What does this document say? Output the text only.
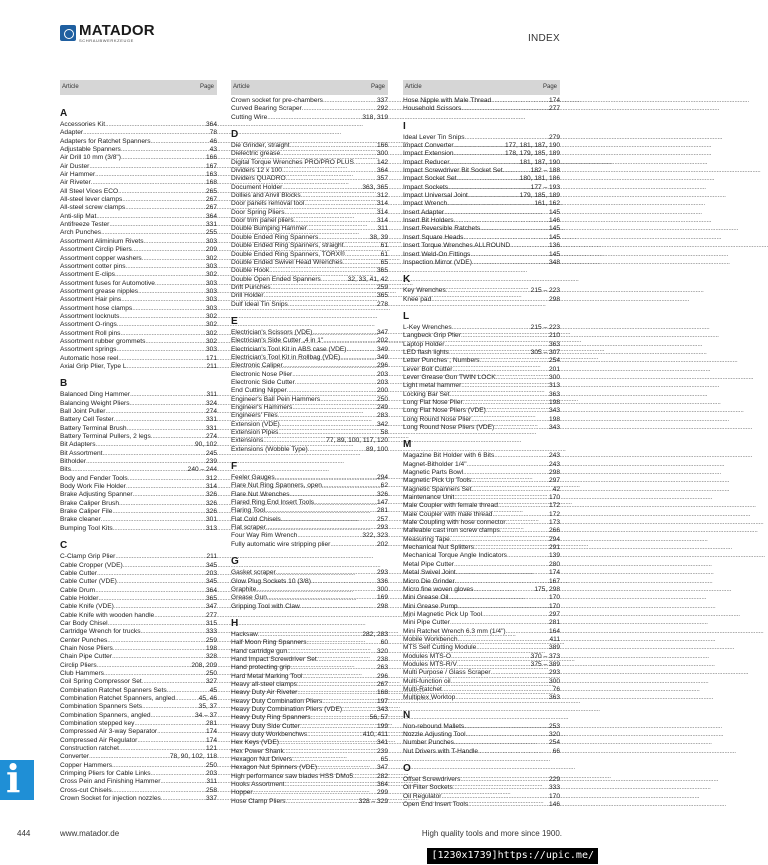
MATADOR
SCHRAUBWERKZEUGE	INDEX
Article	Page
A
Accessories Kit .....	364
Adapter .....	78
Adapters for Ratchet Spanners .....	46
Adjustable Spanners .....	43
Air Drill 10 mm (3/8") .....	166
Air Duster .....	167
Air Hammer .....	163
Air Riveter .....	168
All Steel Vices ECO .....	265
All-steel lever clamps .....	267
All-steel screw clamps .....	267
Anti-slip Mat .....	364
Antifreeze Tester .....	331
Arch Punches .....	255
Assortment Aliminium Rivets .....	303
Assortment Circlip Pliers .....	209
Assortment copper washers .....	302
Assortment cotter pins .....	303
Assortment E-clips .....	302
Assortment fuses for Automotive .....	303
Assortment grease nipples .....	303
Assortment Hair pins .....	303
Assortment hose clamps .....	303
Assortment locknuts .....	302
Assortment O-rings .....	302
Assortment Roll pins .....	302
Assortment rubber grommets .....	302
Assortment springs .....	303
Automatic hose reel .....	171
Axial Grip Plier, Type L .....	211
B
Balanced Ding Hammer .....	311
Balancing Weight Pliers .....	324
Ball Joint Puller .....	274
Battery Cell Tester .....	331
Battery Terminal Brush .....	331
Battery Terminal Pullers, 2 legs .....	274
Bit Adapters .....	90, 102
Bit Assortment .....	245
Bitholder .....	239
Bits .....	240 – 244
Body and Fender Tools .....	312
Body Work File Holder .....	314
Brake Adjusting Spanner .....	326
Brake Caliper Brush .....	326
Brake Caliper File .....	326
Brake cleaner .....	301
Bumping Tool Kits .....	313
C
C-Clamp Grip Plier .....	211
Cable Cropper (VDE) .....	345
Cable Cutter .....	203
Cable Cutter (VDE) .....	345
Cable Drum .....	364
Cable Holder .....	365
Cable Knife (VDE) .....	347
Cable Knife with wooden handle .....	277
Car Body Chisel .....	315
Cartridge Wrench for trucks .....	333
Center Punches .....	259
Chain Nose Pliers .....	198
Chain Pipe Cutter .....	328
Circlip Pliers .....	208, 209
Club Hammers .....	250
Coil Spring Compressor Set .....	327
Combination Ratchet Spanners Sets .....	45
Combination Ratchet Spanners, angled .....	45, 46
Combination Spanners Sets .....	35, 37
Combination Spanners, angled .....	34 – 37
Combination stepped key .....	281
Compressed Air 3-way Separator .....	174
Compressed Air Regulator .....	174
Construction ratchet .....	121
Converter .....	78, 90, 102, 118
Copper Hammers .....	250
Crimping Pliers for Cable Links .....	203
Cross Pein and Finishing Hammer .....	311
Cross-cut Chisels .....	258
Crown Socket for injection nozzles .....	337
Article	Page
Crown socket for pre-chambers .....	337
Curved Bearing Scraper .....	292
Cutting Wire .....	318, 319
D
Die Grinder, straight .....	166
Dielectric grease .....	300
Digital Torque Wrenches PRO/PRO PLUS .....	142
Dividers 12 x 100 .....	364
Dividers QUADRO .....	357
Document Holder .....	363, 365
Dollies and Anvil Blocks .....	312
Door panels removal tool .....	314
Door Spring Pliers .....	314
Door trim panel pliers .....	314
Double Bumping Hammer .....	311
Double Ended Ring Spanners .....	38, 39
Double Ended Ring Spanners, straight .....	61
Double Ended Ring Spanners, TORX® .....	61
Double Ended Swivel Head Wrenches .....	65
Double Hook .....	365
Double Open Ended Spanners .....	32, 33, 41, 42
Drift Punches .....	259
Drill Holder .....	365
Dulf Ideal Tin Snips .....	278
E
Electrician's Scissors (VDE) .....	347
Electrician's Side Cutter „4 in 1" .....	202
Electrician's Tool Kit in ABS case (VDE) .....	349
Electrician's Tool Kit in Rollbag (VDE) .....	349
Electronic Caliper .....	296
Electronic Nose Plier .....	203
Electronic Side Cutter .....	203
End Cutting Nipper .....	200
Engineer's Ball Pein Hammers .....	250
Engineer's Hammers .....	249
Engineers' Files .....	283
Extension (VDE) .....	342
Extension Pipes .....	58
Extensions .....	77, 89, 100, 117, 120
Extensions (Wobble Type) .....	89, 100
F
Feeler Gauges .....	294
Flare Nut Ring Spanners, open .....	62
Flare Nut Wrenches .....	326
Flared Ring End Insert Tools .....	147
Flaring Tool .....	281
Flat Cold Chisels .....	257
Flat scraper .....	293
Four Way Rim Wrench .....	322, 323
Fully automatic wire stripping plier .....	202
G
Gasket scraper .....	293
Glow Plug Sockets 10 (3/8) .....	336
Graphite .....	300
Grease Gun .....	169
Gripping Tool with Claw .....	298
H
Hacksaw .....	282, 283
Half Moon Ring Spanners .....	60
Hand cartridge gun .....	320
Hand Impact Screwdriver Set .....	238
Hand protecting grip .....	263
Hard Metal Marking Tool .....	296
Heavy all-steel clamps .....	267
Heavy Duty Air Riveter .....	168
Heavy Duty Combination Pliers .....	197
Heavy Duty Combination Pliers (VDE) .....	343
Heavy Duty Ring Spanners .....	56, 57
Heavy Duty Side Cutter .....	199
Heavy duty Workbenchws .....	410, 411
Hex Keys (VDE) .....	341
Hex Power Shank .....	239
Hexagon Nut Drivers .....	65
Hexagon Nut Spinners (VDE) .....	347
High performance saw blades HSS DMo5 .....	282
Hooks Assortment .....	364
Hopper .....	299
Hose Clamp Pliers .....	328 – 329
Article	Page
Hose Nipple with Male Thread .....	174
Household Scissors .....	277
I
Ideal Lever Tin Snips .....	279
Impact Converter .....	177, 181, 187, 190
Impact Extension .....	178, 179, 185, 189
Impact Reducer .....	181, 187, 190
Impact Screwdriver Bit Socket Set .....	182 – 188
Impact Socket Set .....	180, 181, 186
Impact Sockets .....	177 – 193
Impact Universal Joint .....	179, 185, 189
Impact Wrench .....	161, 162
Insert Adapter .....	145
Insert Bit Holders .....	146
Insert Reversible Ratchets .....	145
Insert Square Heads .....	145
Insert Torque Wrenches ALLROUND .....	136
Insert Weld-On Fittings .....	145
Inspection Mirror (VDE) .....	348
K
Key Wrenches .....	215 – 223
Knee pad .....	298
L
L-Key Wrenches .....	215 – 223
Langbeck Grip Plier .....	210
Laptop Holder .....	363
LED flash lights .....	305 – 307
Letter Punches , Numbers .....	254
Lever Bolt Cutter .....	201
Lever Grease Gun TWIN LOCK .....	300
Light metal hammer .....	313
Locking Bar Set .....	363
Long Flat Nose Plier .....	198
Long Flat Nose Pliers (VDE) .....	343
Long Round Nose Plier .....	198
Long Round Nose Pliers (VDE) .....	343
M
Magazine Bit Holder with 6 Bits .....	243
Magnet-Bitholder 1/4" .....	243
Magnetic Parts Bowl .....	298
Magnetic Pick Up Tools .....	297
Magnetic Spanners Set .....	42
Maintenance Unit .....	170
Male Coupler with female thread .....	172
Male Coupler with male thread .....	172
Male Coupling with hose connector .....	173
Malleable cast iron screw clamps .....	266
Measuring Tape .....	294
Mechanical Nut Splitters .....	291
Mechanical Torque Angle Indicators .....	139
Metal Pipe Cutter .....	280
Metal Swivel Joint .....	174
Micro Die Grinder .....	167
Micro fine woven gloves .....	175, 298
Mini Grease Oil .....	170
Mini Grease Pump .....	170
Mini Magnetic Pick Up Tool .....	297
Mini Pipe Cutter .....	281
Mini Ratchet Wrench 6.3 mm (1/4") .....	164
Mobile Workbench .....	411
MTS Self Cutting Module .....	389
Modules MTS-O .....	370 – 373
Modules MTS-R/V .....	375 – 389
Multi Purpose / Glass Scraper .....	293
Multi-function oil .....	300
Multi-Ratchet .....	76
Multiplex Worktop .....	363
N
Non-rebound Mallets .....	253
Nozzle Adjusting Tool .....	320
Number Punches .....	254
Nut Drivers with T-Handle .....	66
O
Offset Screwdrivers .....	229
Oil Filter Sockets .....	333
Oil Regulator .....	170
Open End Insert Tools .....	146
i
444	www.matador.de	High quality tools and more since 1900.
[1230x1739]https://upic.me/
